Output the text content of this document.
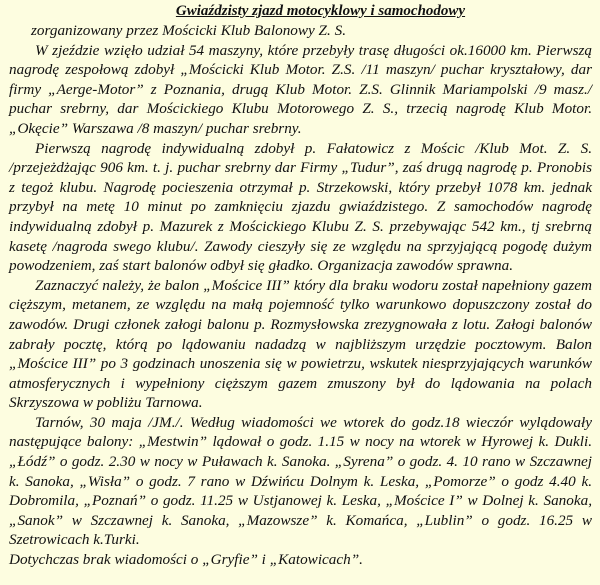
Gwiaździsty zjazd motocyklowy i samochodowy

zorganizowany przez Mościcki Klub Balonowy Z. S.

W zjeździe wzięło udział 54 maszyny, które przebyły trasę długości ok.16000 km. Pierwszą nagrodę zespołową zdobył „Mościcki Klub Motor. Z.S. /11 maszyn/ puchar kryształowy, dar firmy „Aerge-Motor” z Poznania, drugą Klub Motor. Z.S. Glinnik Mariampolski /9 masz./ puchar srebrny, dar Mościckiego Klubu Motorowego Z. S., trzecią nagrodę Klub Motor. „Okęcie” Warszawa /8 maszyn/ puchar srebrny.

Pierwszą nagrodę indywidualną zdobył p. Fałatowicz z Mościc /Klub Mot. Z. S. /przejeżdżając 906 km. t. j. puchar srebrny dar Firmy „Tudur”, zaś drugą nagrodę p. Pronobis z tegoż klubu. Nagrodę pocieszenia otrzymał p. Strzekowski, który przebył 1078 km. jednak przybył na metę 10 minut po zamknięciu zjazdu gwiaździstego. Z samochodów nagrodę indywidualną zdobył p. Mazurek z Mościckiego Klubu Z. S. przebywając 542 km., tj srebrną kasetę /nagroda swego klubu/. Zawody cieszyły się ze względu na sprzyjającą pogodę dużym powodzeniem, zaś start balonów odbył się gładko. Organizacja zawodów sprawna.

Zaznaczyć należy, że balon „Mościce III” który dla braku wodoru został napełniony gazem cięższym, metanem, ze względu na małą pojemność tylko warunkowo dopuszczony został do zawodów. Drugi członek załogi balonu p. Rozmysłowska zrezygnowała z lotu. Załogi balonów zabrały pocztę, którą po lądowaniu nadadzą w najbliższym urzędzie pocztowym. Balon „Mościce III” po 3 godzinach unoszenia się w powietrzu, wskutek niesprzyjających warunków atmosferycznych i wypełniony cięższym gazem zmuszony był do lądowania na polach Skrzyszowa w pobliżu Tarnowa.

Tarnów, 30 maja /JM./. Według wiadomości we wtorek do godz.18 wieczór wylądowały następujące balony: „Mestwin” lądował o godz. 1.15 w nocy na wtorek w Hyrowej k. Dukli. „Łódź” o godz. 2.30 w nocy w Puławach k. Sanoka. „Syrena” o godz. 4. 10 rano w Szczawnej k. Sanoka, „Wisła” o godz. 7 rano w Dźwińcu Dolnym k. Leska, „Pomorze” o godz 4.40 k. Dobromila, „Poznań” o godz. 11.25 w Ustjanowej k. Leska, „Mościce I” w Dolnej k. Sanoka, „Sanok” w Szczawnej k. Sanoka, „Mazowsze” k. Komańca, „Lublin” o godz. 16.25 w Szetrowicach k.Turki.

Dotychczas brak wiadomości o „Gryfie” i „Katowicach”.
